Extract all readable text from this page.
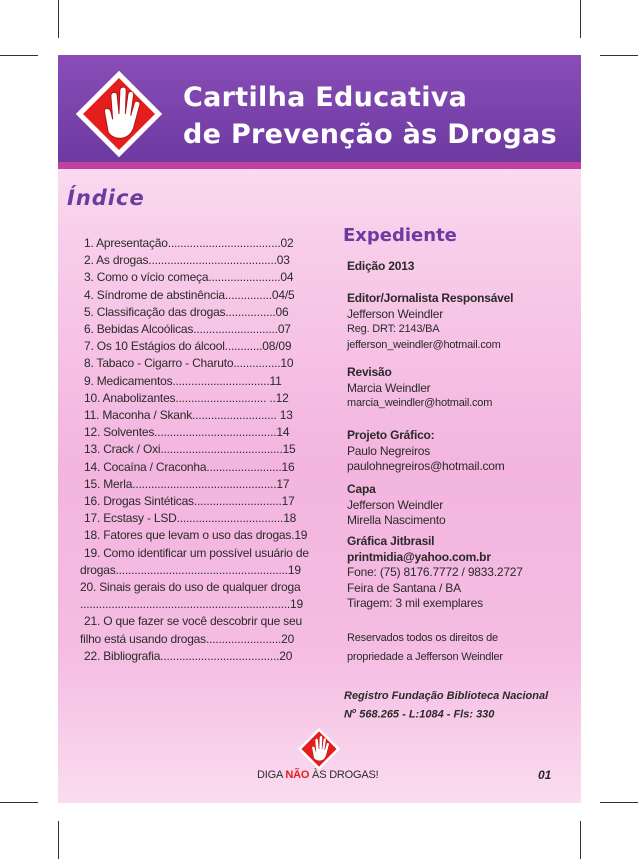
Cartilha Educativa
de Prevenção às Drogas
Índice
1. Apresentação....................................02
2. As drogas.........................................03
3. Como o vício começa.......................04
4. Síndrome de abstinência...............04/5
5. Classificação das drogas................06
6. Bebidas Alcoólicas...........................07
7. Os 10 Estágios do álcool............08/09
8. Tabaco - Cigarro - Charuto...............10
9. Medicamentos...............................11
10. Anabolizantes............................. ..12
11. Maconha / Skank........................... 13
12. Solventes.......................................14
13. Crack / Oxi.......................................15
14. Cocaína / Craconha........................16
15. Merla..............................................17
16. Drogas Sintéticas............................17
17. Ecstasy - LSD..................................18
18. Fatores que levam o uso das drogas.19
19. Como identificar um possível usuário de
drogas.......................................................19
20. Sinais gerais do uso de qualquer droga
...................................................................19
21. O que fazer se você descobrir que seu
filho está usando drogas........................20
22. Bibliografia......................................20
Expediente
Edição 2013
Editor/Jornalista Responsável
Jefferson Weindler
Reg. DRT: 2143/BA
jefferson_weindler@hotmail.com
Revisão
Marcia Weindler
marcia_weindler@hotmail.com
Projeto Gráfico:
Paulo Negreiros
paulohnegreiros@hotmail.com
Capa
Jefferson Weindler
Mirella Nascimento
Gráfica Jitbrasil
printmidia@yahoo.com.br
Fone: (75) 8176.7772 / 9833.2727
Feira de Santana / BA
Tiragem: 3 mil exemplares
Reservados todos os direitos de
propriedade a Jefferson Weindler
Registro Fundação Biblioteca Nacional
$N^o$ 568.265 - L:1084 - Fls: 330
DIGA NÃO ÀS DROGAS!	01
